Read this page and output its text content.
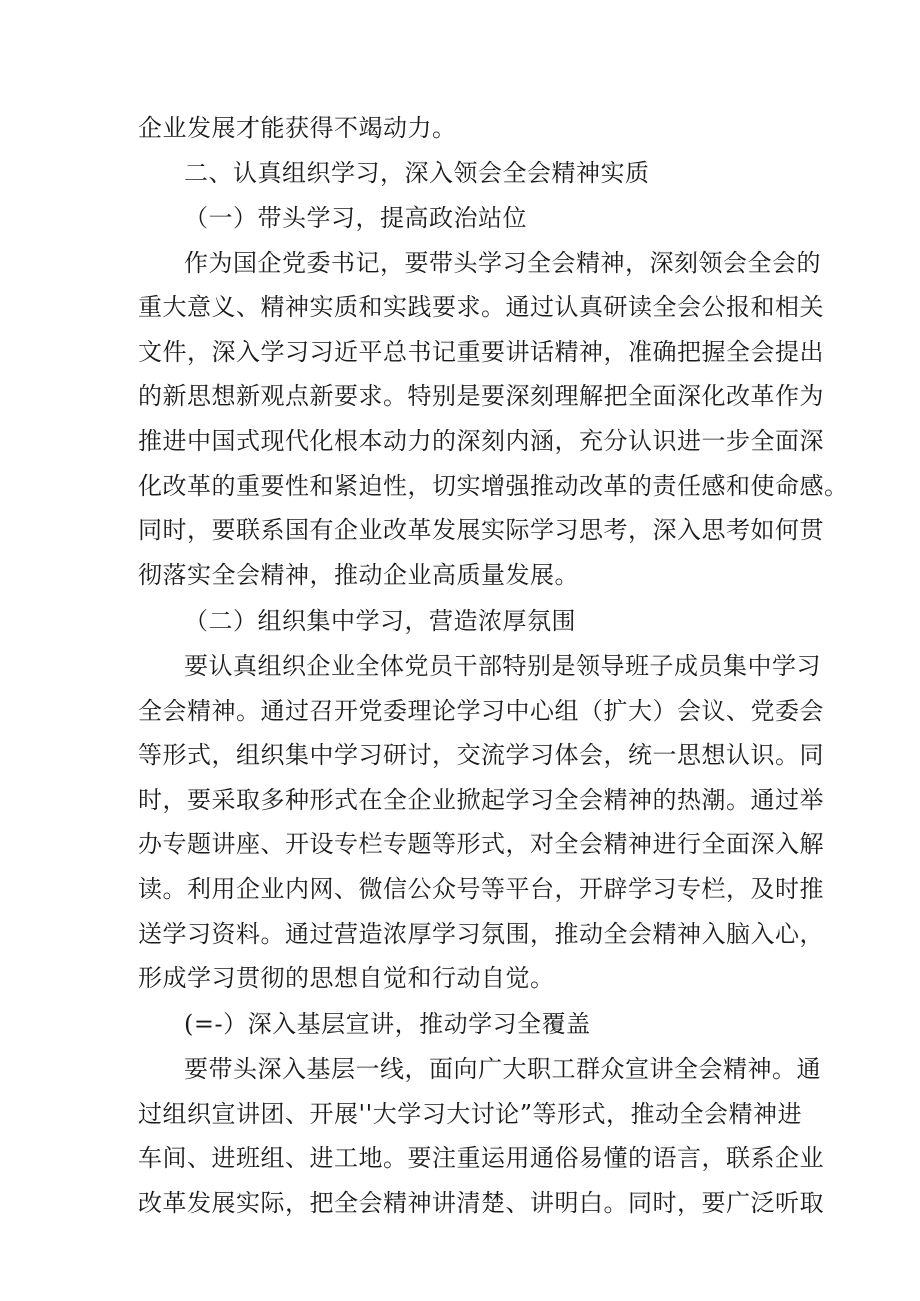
企业发展才能获得不竭动力。
二、认真组织学习，深入领会全会精神实质
（一）带头学习，提高政治站位
作为国企党委书记，要带头学习全会精神，深刻领会全会的
重大意义、精神实质和实践要求。通过认真研读全会公报和相关
文件，深入学习习近平总书记重要讲话精神，准确把握全会提出
的新思想新观点新要求。特别是要深刻理解把全面深化改革作为
推进中国式现代化根本动力的深刻内涵，充分认识进一步全面深
化改革的重要性和紧迫性，切实增强推动改革的责任感和使命感。
同时，要联系国有企业改革发展实际学习思考，深入思考如何贯
彻落实全会精神，推动企业高质量发展。
（二）组织集中学习，营造浓厚氛围
要认真组织企业全体党员干部特别是领导班子成员集中学习
全会精神。通过召开党委理论学习中心组（扩大）会议、党委会
等形式，组织集中学习研讨，交流学习体会，统一思想认识。同
时，要采取多种形式在全企业掀起学习全会精神的热潮。通过举
办专题讲座、开设专栏专题等形式，对全会精神进行全面深入解
读。利用企业内网、微信公众号等平台，开辟学习专栏，及时推
送学习资料。通过营造浓厚学习氛围，推动全会精神入脑入心，
形成学习贯彻的思想自觉和行动自觉。
(=-）深入基层宣讲，推动学习全覆盖
要带头深入基层一线，面向广大职工群众宣讲全会精神。通
过组织宣讲团、开展''大学习大讨论”等形式，推动全会精神进
车间、进班组、进工地。要注重运用通俗易懂的语言，联系企业
改革发展实际，把全会精神讲清楚、讲明白。同时，要广泛听取
